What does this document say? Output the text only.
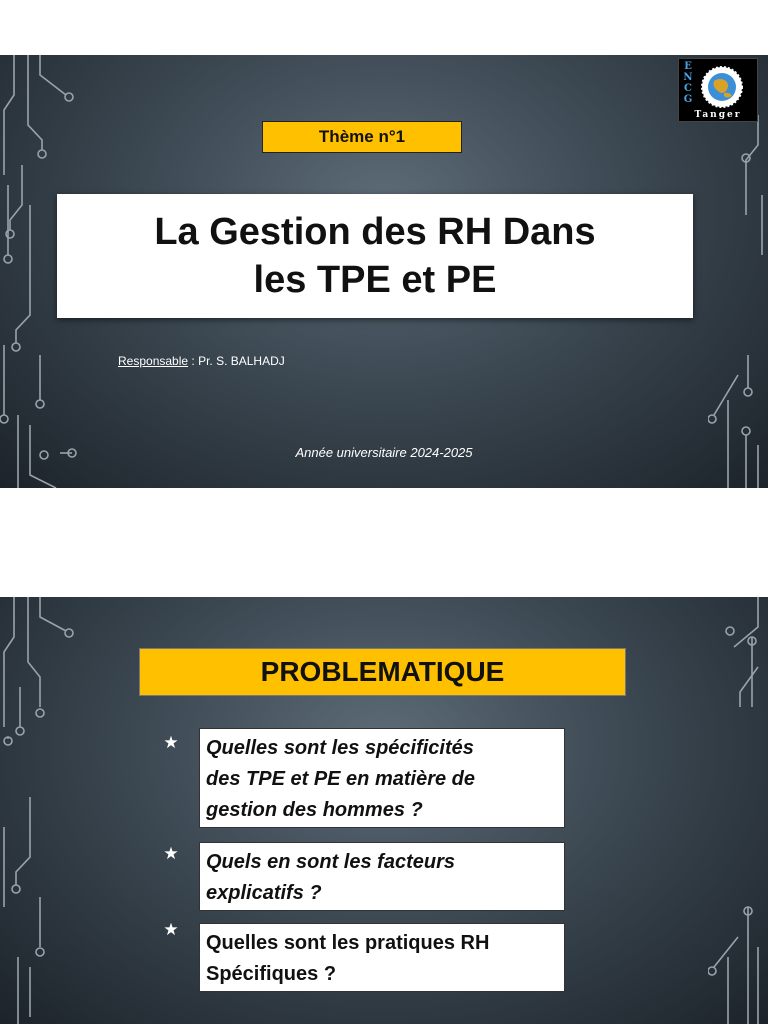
E
N
C
G
Tanger
Thème n°1
La Gestion des RH Dans
les TPE et PE
Responsable : Pr. S. BALHADJ
Année universitaire 2024-2025
PROBLEMATIQUE
★ Quelles sont les spécificités
des TPE et PE en matière de
gestion des hommes ?
★ Quels en sont les facteurs
explicatifs ?
★
Quelles sont les pratiques RH
Spécifiques ?
